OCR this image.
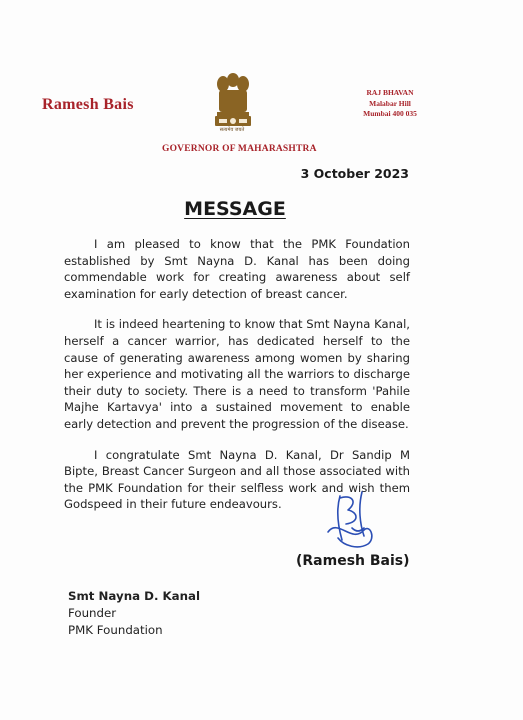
Ramesh Bais
सत्यमेव जयते
GOVERNOR OF MAHARASHTRA
RAJ BHAVAN
Malabar Hill
Mumbai 400 035
3 October 2023
MESSAGE

I am pleased to know that the PMK Foundation established by Smt Nayna D. Kanal has been doing commendable work for creating awareness about self examination for early detection of breast cancer.

It is indeed heartening to know that Smt Nayna Kanal, herself a cancer warrior, has dedicated herself to the cause of generating awareness among women by sharing her experience and motivating all the warriors to discharge their duty to society. There is a need to transform 'Pahile Majhe Kartavya' into a sustained movement to enable early detection and prevent the progression of the disease.

I congratulate Smt Nayna D. Kanal, Dr Sandip M Bipte, Breast Cancer Surgeon and all those associated with the PMK Foundation for their selfless work and wish them Godspeed in their future endeavours.

(Ramesh Bais)
Smt Nayna D. Kanal
Founder
PMK Foundation
